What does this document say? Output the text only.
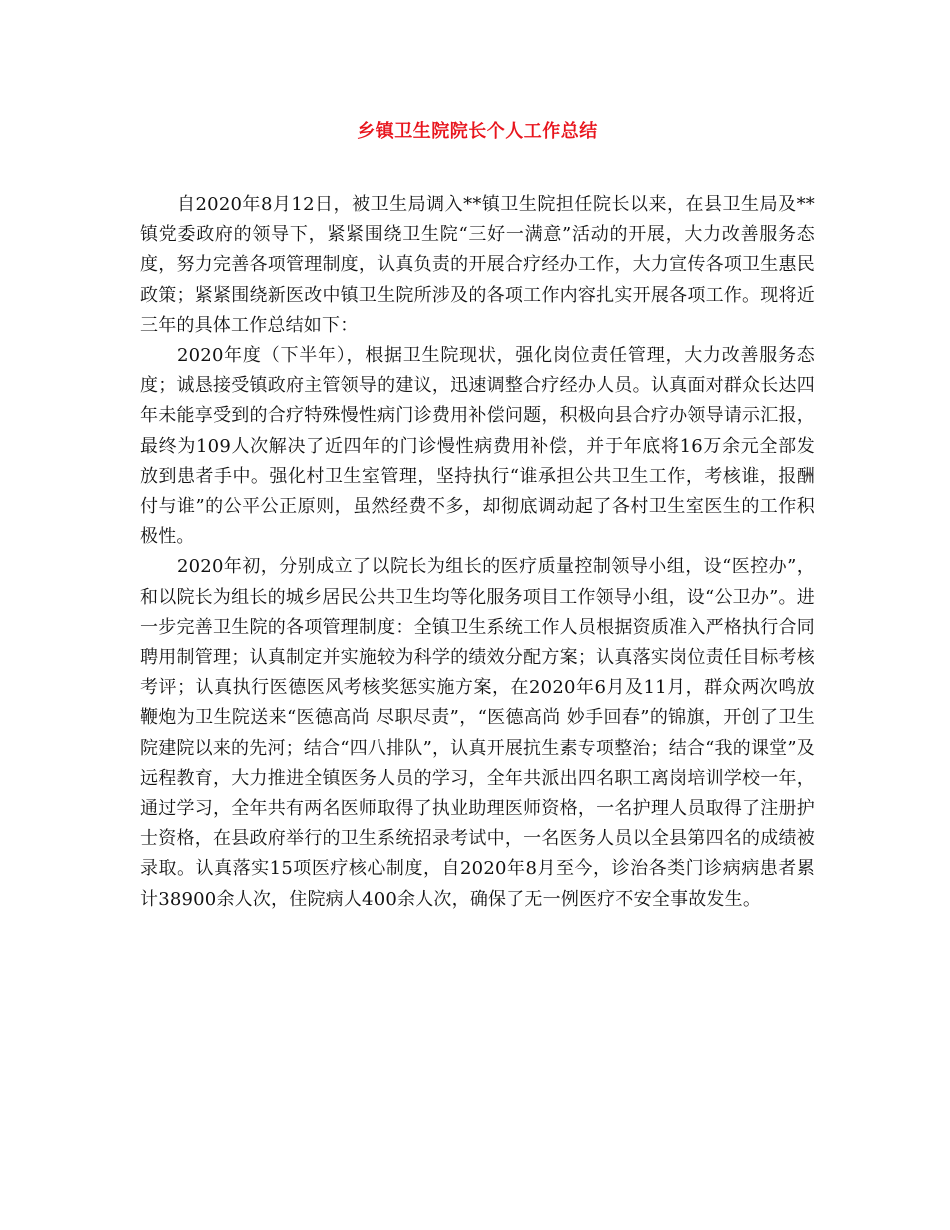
乡镇卫生院院长个人工作总结

自2020年8月12日，被卫生局调入**镇卫生院担任院长以来，在县卫生局及**镇党委政府的领导下，紧紧围绕卫生院“三好一满意”活动的开展，大力改善服务态度，努力完善各项管理制度，认真负责的开展合疗经办工作，大力宣传各项卫生惠民政策；紧紧围绕新医改中镇卫生院所涉及的各项工作内容扎实开展各项工作。现将近三年的具体工作总结如下：

2020年度（下半年），根据卫生院现状，强化岗位责任管理，大力改善服务态度；诚恳接受镇政府主管领导的建议，迅速调整合疗经办人员。认真面对群众长达四年未能享受到的合疗特殊慢性病门诊费用补偿问题，积极向县合疗办领导请示汇报，最终为109人次解决了近四年的门诊慢性病费用补偿，并于年底将16万余元全部发放到患者手中。强化村卫生室管理，坚持执行“谁承担公共卫生工作，考核谁，报酬付与谁”的公平公正原则，虽然经费不多，却彻底调动起了各村卫生室医生的工作积极性。

2020年初，分别成立了以院长为组长的医疗质量控制领导小组，设“医控办”，和以院长为组长的城乡居民公共卫生均等化服务项目工作领导小组，设“公卫办”。进一步完善卫生院的各项管理制度：全镇卫生系统工作人员根据资质准入严格执行合同聘用制管理；认真制定并实施较为科学的绩效分配方案；认真落实岗位责任目标考核考评；认真执行医德医风考核奖惩实施方案，在2020年6月及11月，群众两次鸣放鞭炮为卫生院送来“医德高尚 尽职尽责”，“医德高尚 妙手回春”的锦旗，开创了卫生院建院以来的先河；结合“四八排队”，认真开展抗生素专项整治；结合“我的课堂”及远程教育，大力推进全镇医务人员的学习，全年共派出四名职工离岗培训学校一年，通过学习，全年共有两名医师取得了执业助理医师资格，一名护理人员取得了注册护士资格，在县政府举行的卫生系统招录考试中，一名医务人员以全县第四名的成绩被录取。认真落实15项医疗核心制度，自2020年8月至今，诊治各类门诊病病患者累计38900余人次，住院病人400余人次，确保了无一例医疗不安全事故发生。
